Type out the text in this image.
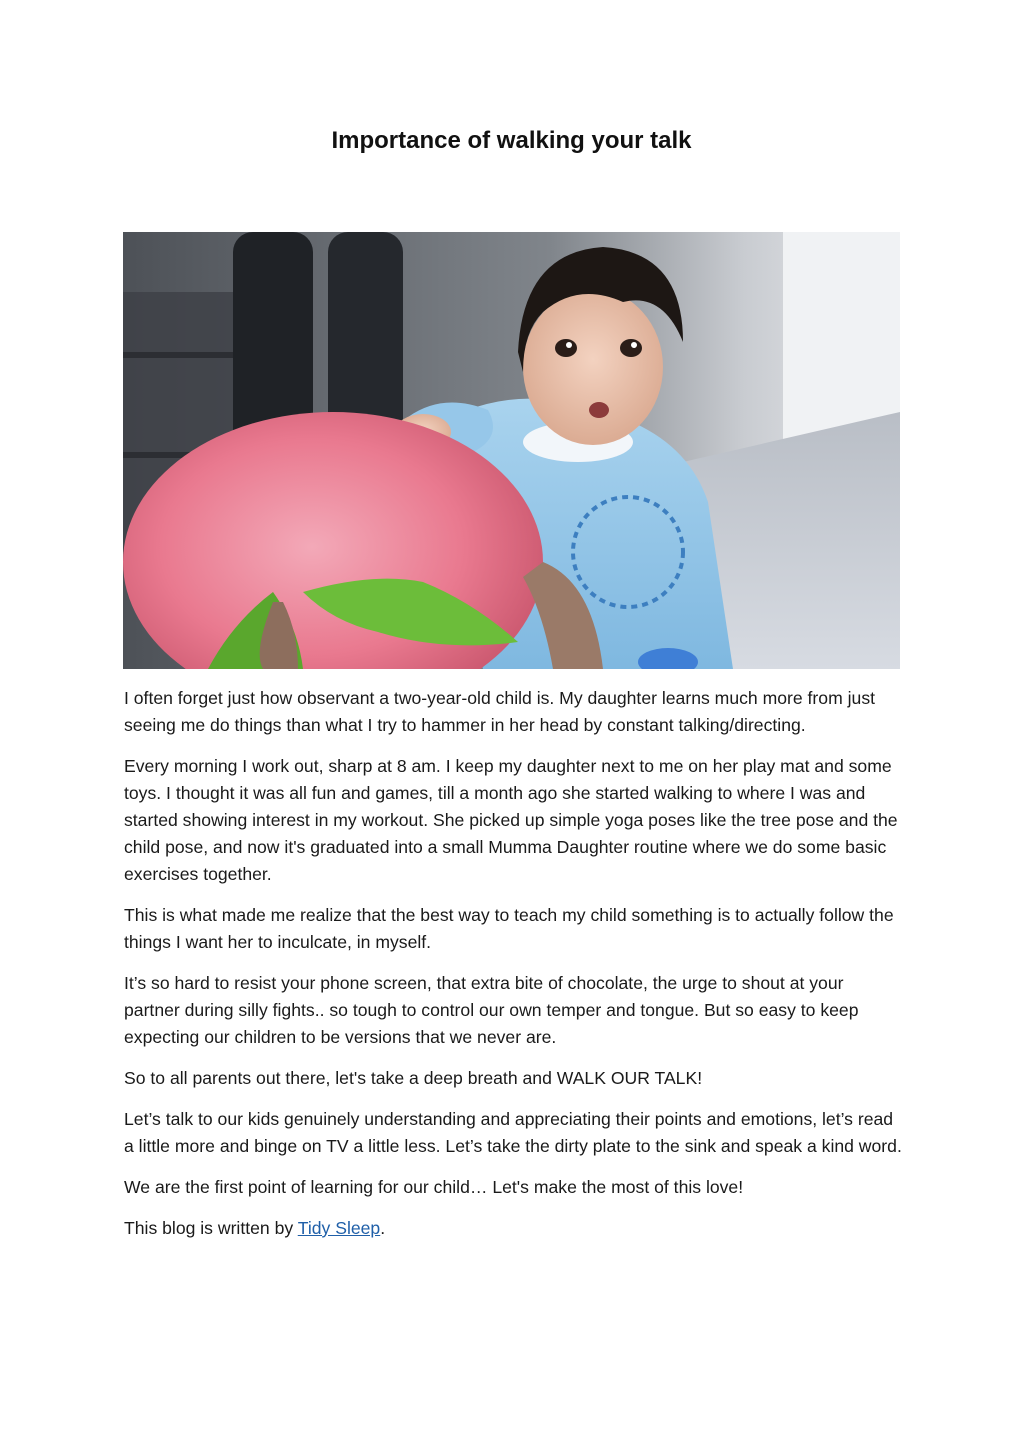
Importance of walking your talk

I often forget just how observant a two-year-old child is. My daughter learns much more from just seeing me do things than what I try to hammer in her head by constant talking/directing.

Every morning I work out, sharp at 8 am. I keep my daughter next to me on her play mat and some toys. I thought it was all fun and games, till a month ago she started walking to where I was and started showing interest in my workout. She picked up simple yoga poses like the tree pose and the child pose, and now it's graduated into a small Mumma Daughter routine where we do some basic exercises together.

This is what made me realize that the best way to teach my child something is to actually follow the things I want her to inculcate, in myself.

It’s so hard to resist your phone screen, that extra bite of chocolate, the urge to shout at your partner during silly fights.. so tough to control our own temper and tongue. But so easy to keep expecting our children to be versions that we never are.

So to all parents out there, let's take a deep breath and WALK OUR TALK!

Let’s talk to our kids genuinely understanding and appreciating their points and emotions, let’s read a little more and binge on TV a little less. Let’s take the dirty plate to the sink and speak a kind word.

We are the first point of learning for our child… Let's make the most of this love!

This blog is written by Tidy Sleep.
